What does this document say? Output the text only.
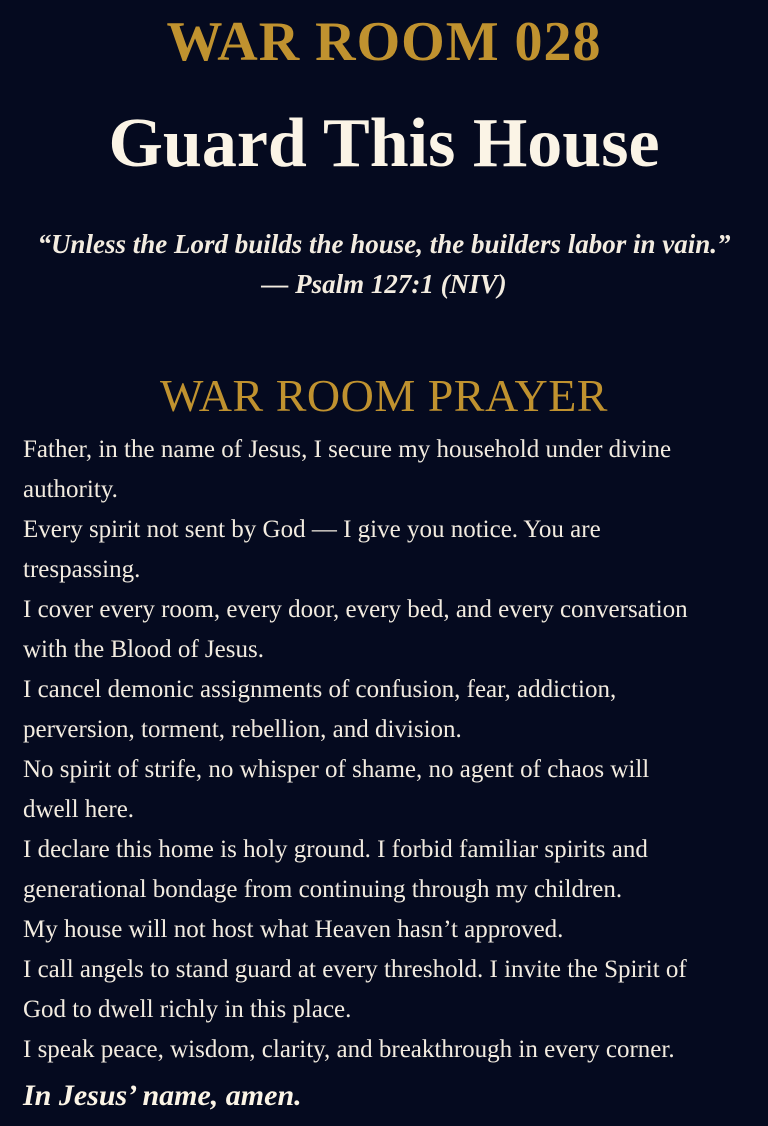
WAR ROOM 028
Guard This House
“Unless the Lord builds the house, the builders labor in vain.”
— Psalm 127:1 (NIV)
WAR ROOM PRAYER

Father, in the name of Jesus, I secure my household under divine

authority.

Every spirit not sent by God — I give you notice. You are

trespassing.

I cover every room, every door, every bed, and every conversation

with the Blood of Jesus.

I cancel demonic assignments of confusion, fear, addiction,

perversion, torment, rebellion, and division.

No spirit of strife, no whisper of shame, no agent of chaos will

dwell here.

I declare this home is holy ground. I forbid familiar spirits and

generational bondage from continuing through my children.

My house will not host what Heaven hasn’t approved.

I call angels to stand guard at every threshold. I invite the Spirit of

God to dwell richly in this place.

I speak peace, wisdom, clarity, and breakthrough in every corner.

In Jesus’ name, amen.
